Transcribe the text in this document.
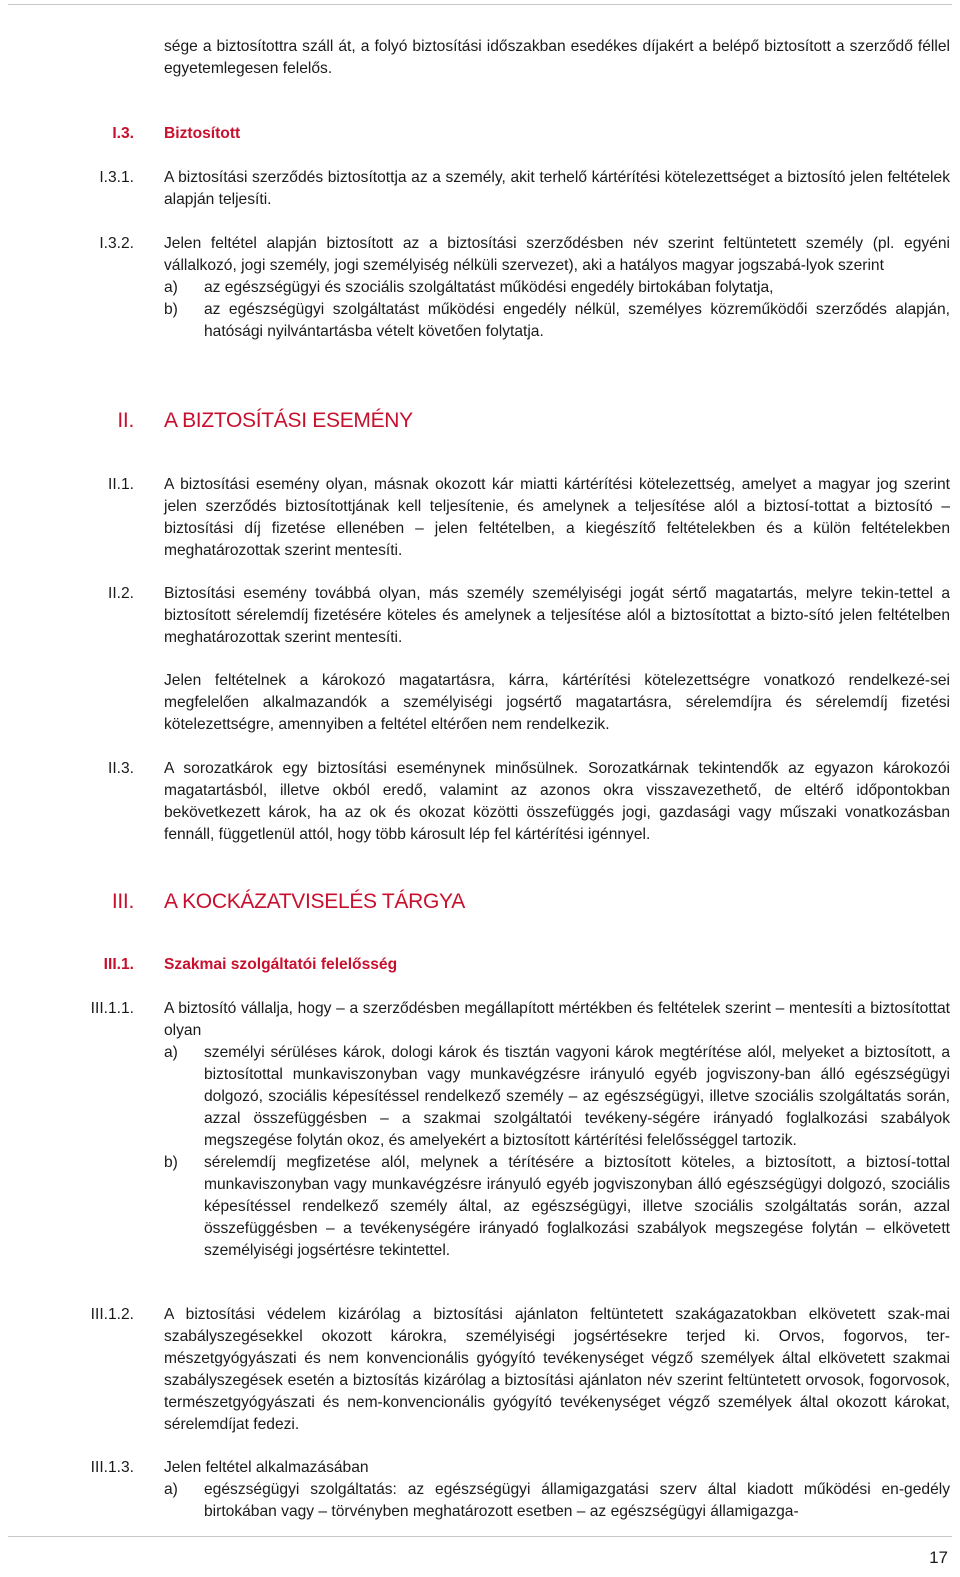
sége a biztosítottra száll át, a folyó biztosítási időszakban esedékes díjakért a belépő biztosított a szerződő féllel egyetemlegesen felelős.
I.3. Biztosított
I.3.1. A biztosítási szerződés biztosítottja az a személy, akit terhelő kártérítési kötelezettséget a biztosító jelen feltételek alapján teljesíti.
I.3.2. Jelen feltétel alapján biztosított az a biztosítási szerződésben név szerint feltüntetett személy (pl. egyéni vállalkozó, jogi személy, jogi személyiség nélküli szervezet), aki a hatályos magyar jogszabá-lyok szerint

a)	az egészségügyi és szociális szolgáltatást működési engedély birtokában folytatja,

b)	az egészségügyi szolgáltatást működési engedély nélkül, személyes közreműködői szerződés alapján, hatósági nyilvántartásba vételt követően folytatja.

II. A BIZTOSÍTÁSI ESEMÉNY
II.1. A biztosítási esemény olyan, másnak okozott kár miatti kártérítési kötelezettség, amelyet a magyar jog szerint jelen szerződés biztosítottjának kell teljesítenie, és amelynek a teljesítése alól a biztosí-tottat a biztosító – biztosítási díj fizetése ellenében – jelen feltételben, a kiegészítő feltételekben és a külön feltételekben meghatározottak szerint mentesíti.
II.2. Biztosítási esemény továbbá olyan, más személy személyiségi jogát sértő magatartás, melyre tekin-tettel a biztosított sérelemdíj fizetésére köteles és amelynek a teljesítése alól a biztosítottat a bizto-sító jelen feltételben meghatározottak szerint mentesíti.
Jelen feltételnek a károkozó magatartásra, kárra, kártérítési kötelezettségre vonatkozó rendelkezé-sei megfelelően alkalmazandók a személyiségi jogsértő magatartásra, sérelemdíjra és sérelemdíj fizetési kötelezettségre, amennyiben a feltétel eltérően nem rendelkezik.
II.3. A sorozatkárok egy biztosítási eseménynek minősülnek. Sorozatkárnak tekintendők az egyazon károkozói magatartásból, illetve okból eredő, valamint az azonos okra visszavezethető, de eltérő időpontokban bekövetkezett károk, ha az ok és okozat közötti összefüggés jogi, gazdasági vagy műszaki vonatkozásban fennáll, függetlenül attól, hogy több károsult lép fel kártérítési igénnyel.
III. A KOCKÁZATVISELÉS TÁRGYA
III.1. Szakmai szolgáltatói felelősség
III.1.1. A biztosító vállalja, hogy – a szerződésben megállapított mértékben és feltételek szerint – mentesíti a biztosítottat olyan

a)	személyi sérüléses károk, dologi károk és tisztán vagyoni károk megtérítése alól, melyeket a biztosított, a biztosítottal munkaviszonyban vagy munkavégzésre irányuló egyéb jogviszony-ban álló egészségügyi dolgozó, szociális képesítéssel rendelkező személy – az egészségügyi, illetve szociális szolgáltatás során, azzal összefüggésben – a szakmai szolgáltatói tevékeny-ségére irányadó foglalkozási szabályok megszegése folytán okoz, és amelyekért a biztosított kártérítési felelősséggel tartozik.

b)	sérelemdíj megfizetése alól, melynek a térítésére a biztosított köteles, a biztosított, a biztosí-tottal munkaviszonyban vagy munkavégzésre irányuló egyéb jogviszonyban álló egészségügyi dolgozó, szociális képesítéssel rendelkező személy által, az egészségügyi, illetve szociális szolgáltatás során, azzal összefüggésben – a tevékenységére irányadó foglalkozási szabályok megszegése folytán – elkövetett személyiségi jogsértésre tekintettel.

III.1.2. A biztosítási védelem kizárólag a biztosítási ajánlaton feltüntetett szakágazatokban elkövetett szak-mai szabályszegésekkel okozott károkra, személyiségi jogsértésekre terjed ki. Orvos, fogorvos, ter-mészetgyógyászati és nem konvencionális gyógyító tevékenységet végző személyek által elkövetett szakmai szabályszegések esetén a biztosítás kizárólag a biztosítási ajánlaton név szerint feltüntetett orvosok, fogorvosok, természetgyógyászati és nem-konvencionális gyógyító tevékenységet végző személyek által okozott károkat, sérelemdíjat fedezi.
III.1.3. Jelen feltétel alkalmazásában

a)	egészségügyi szolgáltatás: az egészségügyi államigazgatási szerv által kiadott működési en-gedély birtokában vagy – törvényben meghatározott esetben – az egészségügyi államigazga-

17
